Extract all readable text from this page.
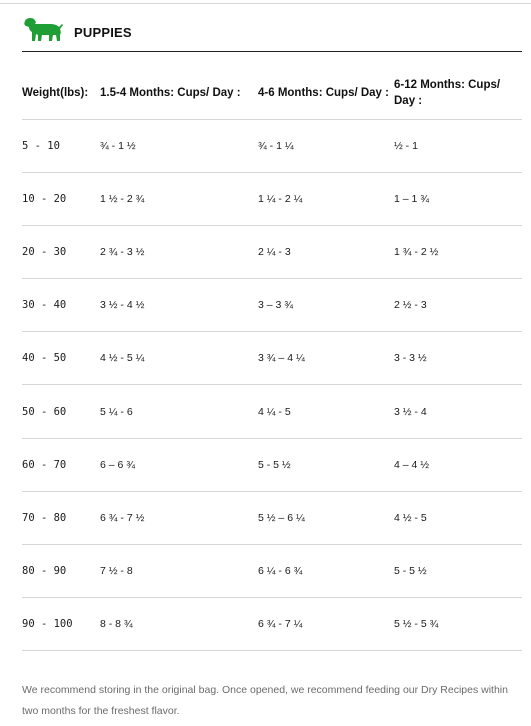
PUPPIES
Weight(lbs):	1.5-4 Months: Cups/ Day :	4-6 Months: Cups/ Day :	6-12 Months: Cups/ Day :
5 - 10	¾ - 1 ½	¾ - 1 ¼	½ - 1
10 - 20	1 ½ - 2 ¾	1 ¼ - 2 ¼	1 – 1 ¾
20 - 30	2 ¾ - 3 ½	2 ¼ - 3	1 ¾ - 2 ½
30 - 40	3 ½ - 4 ½	3 – 3 ¾	2 ½ - 3
40 - 50	4 ½ - 5 ¼	3 ¾ – 4 ¼	3 - 3 ½
50 - 60	5 ¼ - 6	4 ¼ - 5	3 ½ - 4
60 - 70	6 – 6 ¾	5 - 5 ½	4 – 4 ½
70 - 80	6 ¾ - 7 ½	5 ½ – 6 ¼	4 ½ - 5
80 - 90	7 ½ - 8	6 ¼ - 6 ¾	5 - 5 ½
90 - 100	8 - 8 ¾	6 ¾ - 7 ¼	5 ½ - 5 ¾

We recommend storing in the original bag. Once opened, we recommend feeding our Dry Recipes within two months for the freshest flavor.
